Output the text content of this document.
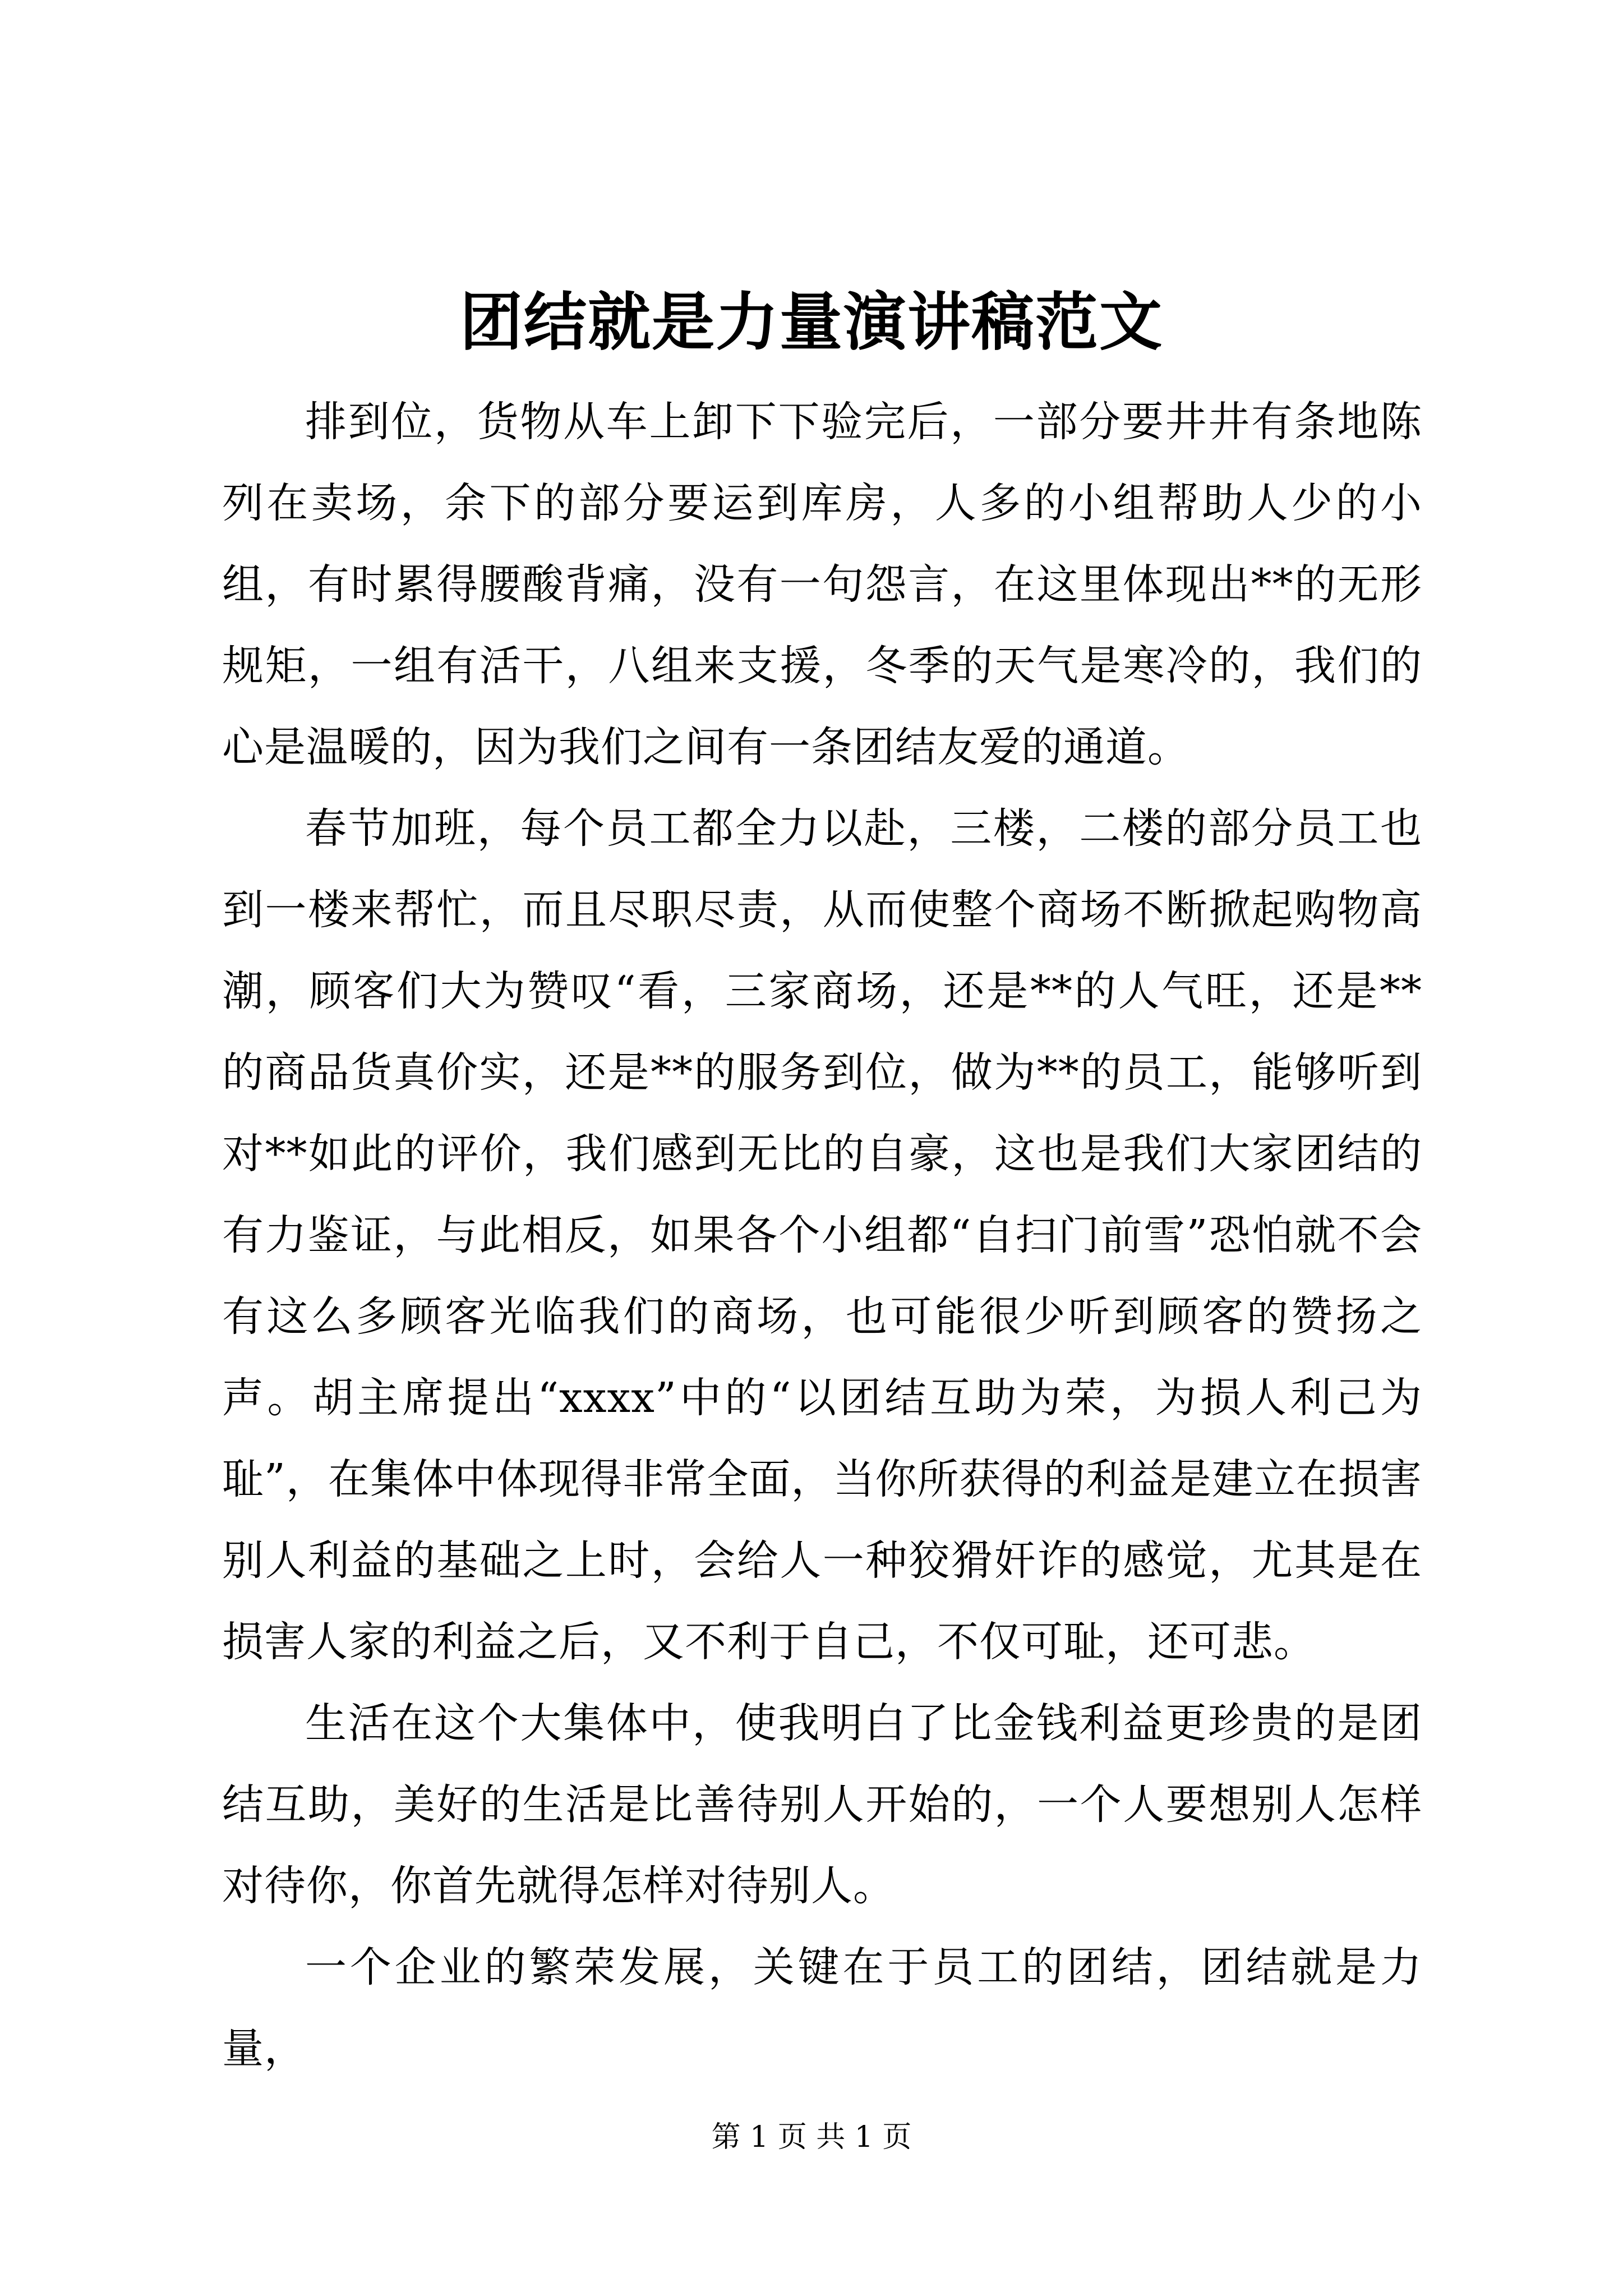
团结就是力量演讲稿范文

排到位，货物从车上卸下下验完后，一部分要井井有条地陈列在卖场，余下的部分要运到库房，人多的小组帮助人少的小组，有时累得腰酸背痛，没有一句怨言，在这里体现出**的无形规矩，一组有活干，八组来支援，冬季的天气是寒冷的，我们的心是温暖的，因为我们之间有一条团结友爱的通道。

春节加班，每个员工都全力以赴，三楼，二楼的部分员工也到一楼来帮忙，而且尽职尽责，从而使整个商场不断掀起购物高潮，顾客们大为赞叹“看，三家商场，还是**的人气旺，还是**的商品货真价实，还是**的服务到位，做为**的员工，能够听到对**如此的评价，我们感到无比的自豪，这也是我们大家团结的有力鉴证，与此相反，如果各个小组都“自扫门前雪”恐怕就不会有这么多顾客光临我们的商场，也可能很少听到顾客的赞扬之声。胡主席提出“xxxx”中的“以团结互助为荣，为损人利己为耻”，在集体中体现得非常全面，当你所获得的利益是建立在损害别人利益的基础之上时，会给人一种狡猾奸诈的感觉，尤其是在损害人家的利益之后，又不利于自己，不仅可耻，还可悲。

生活在这个大集体中，使我明白了比金钱利益更珍贵的是团结互助，美好的生活是比善待别人开始的，一个人要想别人怎样对待你，你首先就得怎样对待别人。

一个企业的繁荣发展，关键在于员工的团结，团结就是力量，

第 1 页 共 1 页
